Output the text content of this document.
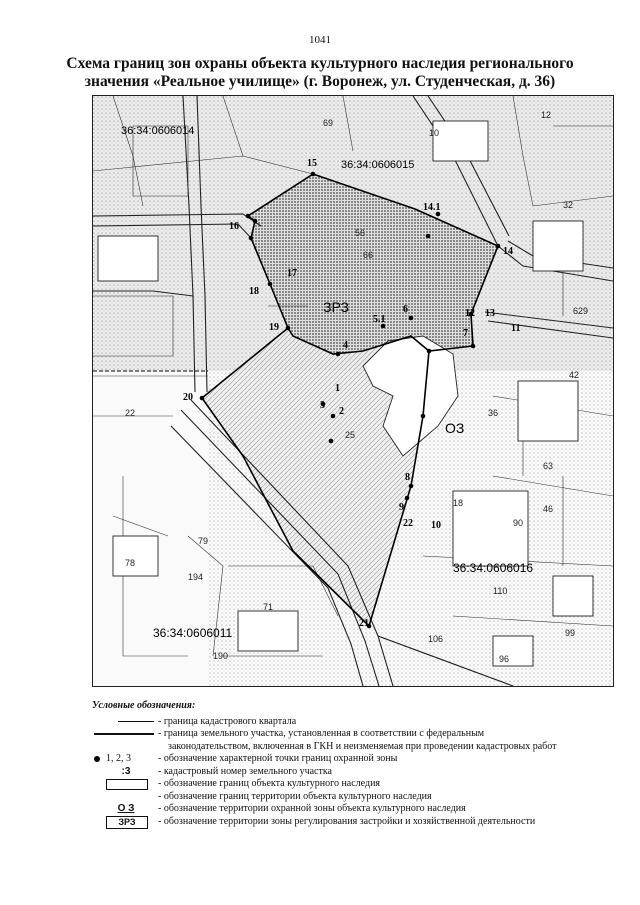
1041
Схема границ зон охраны объекта культурного наследия регионального
значения «Реальное училище» (г. Воронеж, ул. Студенческая, д. 36)
36:34:0606014
36:34:0606015
36:34:0606016
36:34:0606011
ЗРЗ
ОЗ
1
2
3
4
5.1
6
7
8
9
10
11
12 13
14
14.1
15
16
17
18
19
20
21
22
12
10
32
18
36
78
79
71
190
99
96
106
90
46
22
69
110
63
42
629
194
25
66
56
Условные обозначения:
- граница кадастрового квартала
- граница земельного участка, установленная в соответствии с федеральным
законодательством, включенная в ГКН и неизменяемая при проведении кадастровых работ
1, 2, 3	- обозначение характерной точки границ охранной зоны
:3	- кадастровый номер земельного участка
- обозначение границ объекта культурного наследия
- обозначение границ территории объекта культурного наследия
О З	- обозначение территории охранной зоны объекта культурного наследия
ЗРЗ	- обозначение территории зоны регулирования застройки и хозяйственной деятельности
